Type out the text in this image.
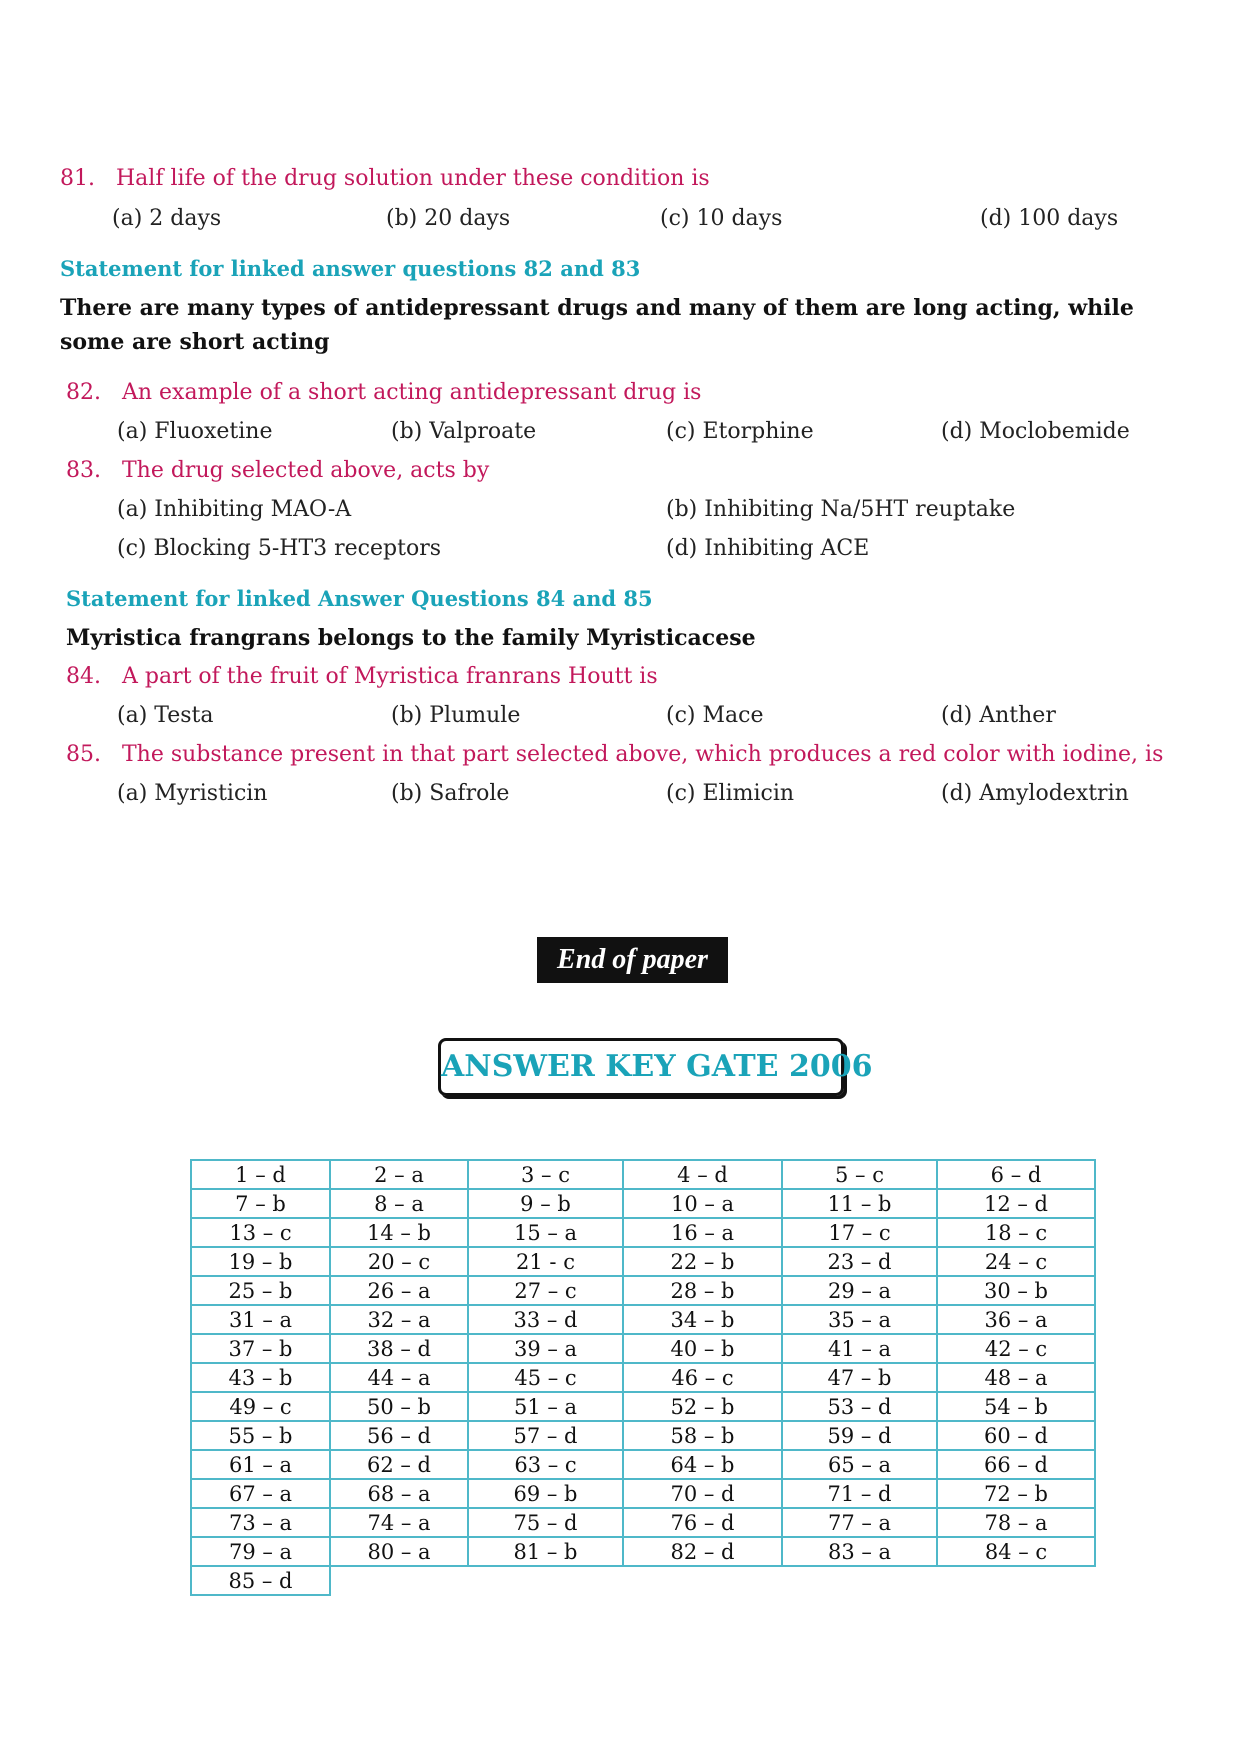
81. Half life of the drug solution under these condition is
(a) 2 days	(b) 20 days	(c) 10 days	(d) 100 days
Statement for linked answer questions 82 and 83
There are many types of antidepressant drugs and many of them are long acting, while some are short acting
82. An example of a short acting antidepressant drug is
(a) Fluoxetine	(b) Valproate	(c) Etorphine	(d) Moclobemide
83. The drug selected above, acts by
(a) Inhibiting MAO-A	(b) Inhibiting Na/5HT reuptake
(c) Blocking 5-HT3 receptors	(d) Inhibiting ACE
Statement for linked Answer Questions 84 and 85
Myristica frangrans belongs to the family Myristicacese
84. A part of the fruit of Myristica franrans Houtt is
(a) Testa	(b) Plumule	(c) Mace	(d) Anther
85. The substance present in that part selected above, which produces a red color with iodine, is
(a) Myristicin	(b) Safrole	(c) Elimicin	(d) Amylodextrin
End of paper
ANSWER KEY GATE 2006
1 – d	2 – a	3 – c	4 – d	5 – c	6 – d
7 – b	8 – a	9 – b	10 – a	11 – b	12 – d
13 – c	14 – b	15 – a	16 – a	17 – c	18 – c
19 – b	20 – c	21 - c	22 – b	23 – d	24 – c
25 – b	26 – a	27 – c	28 – b	29 – a	30 – b
31 – a	32 – a	33 – d	34 – b	35 – a	36 – a
37 – b	38 – d	39 – a	40 – b	41 – a	42 – c
43 – b	44 – a	45 – c	46 – c	47 – b	48 – a
49 – c	50 – b	51 – a	52 – b	53 – d	54 – b
55 – b	56 – d	57 – d	58 – b	59 – d	60 – d
61 – a	62 – d	63 – c	64 – b	65 – a	66 – d
67 – a	68 – a	69 – b	70 – d	71 – d	72 – b
73 – a	74 – a	75 – d	76 – d	77 – a	78 – a
79 – a	80 – a	81 – b	82 – d	83 – a	84 – c
85 – d					
